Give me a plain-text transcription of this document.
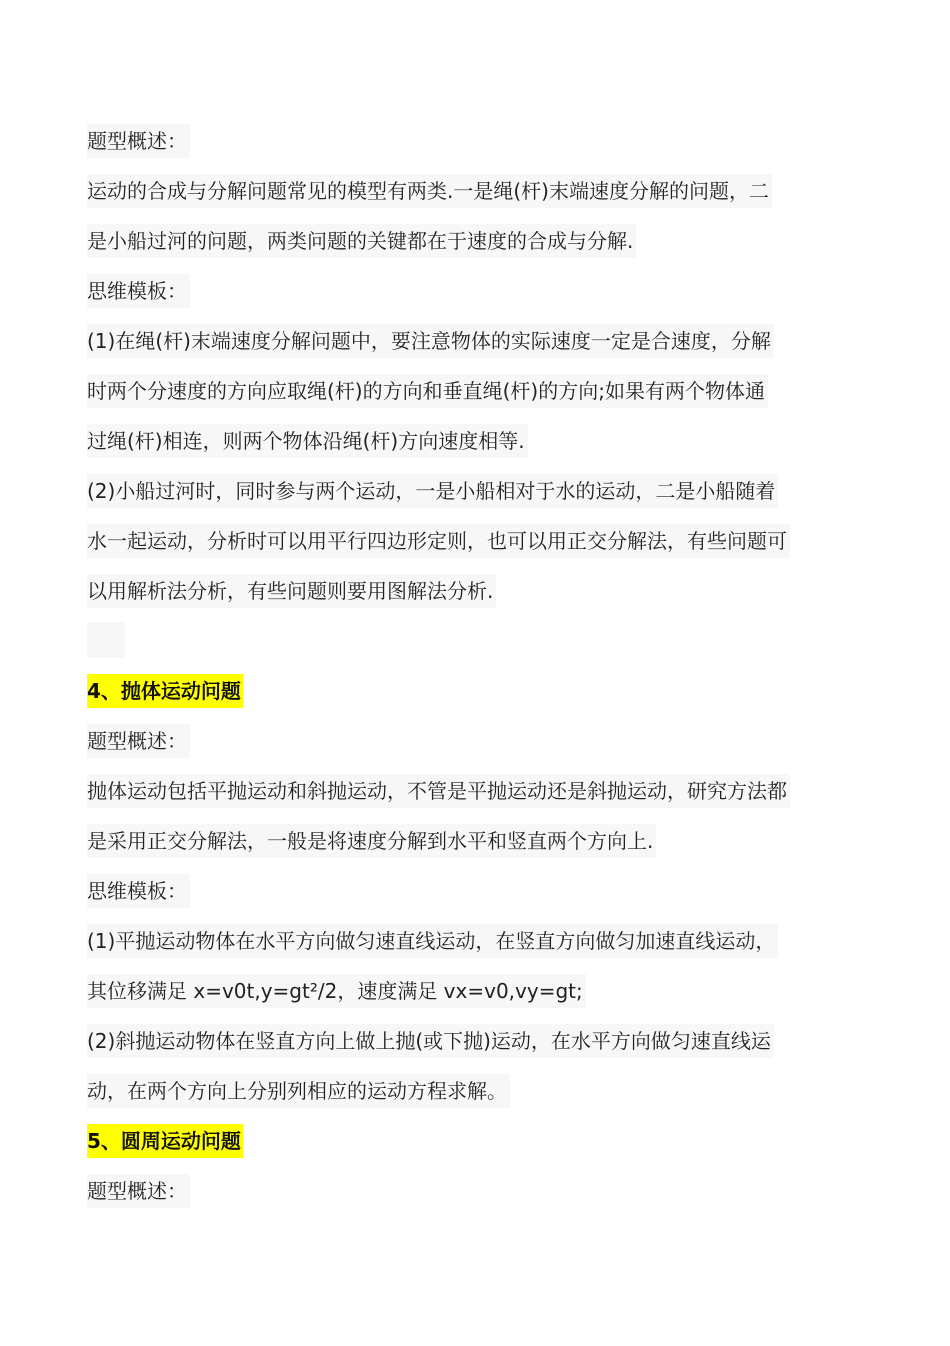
题型概述：
运动的合成与分解问题常见的模型有两类.一是绳(杆)末端速度分解的问题，二
是小船过河的问题，两类问题的关键都在于速度的合成与分解.
思维模板：
(1)在绳(杆)末端速度分解问题中，要注意物体的实际速度一定是合速度，分解
时两个分速度的方向应取绳(杆)的方向和垂直绳(杆)的方向;如果有两个物体通
过绳(杆)相连，则两个物体沿绳(杆)方向速度相等.
(2)小船过河时，同时参与两个运动，一是小船相对于水的运动，二是小船随着
水一起运动，分析时可以用平行四边形定则，也可以用正交分解法，有些问题可
以用解析法分析，有些问题则要用图解法分析.
4、抛体运动问题
题型概述：
抛体运动包括平抛运动和斜抛运动，不管是平抛运动还是斜抛运动，研究方法都
是采用正交分解法，一般是将速度分解到水平和竖直两个方向上.
思维模板：
(1)平抛运动物体在水平方向做匀速直线运动，在竖直方向做匀加速直线运动，
其位移满足 x=v0t,y=gt²/2，速度满足 vx=v0,vy=gt;
(2)斜抛运动物体在竖直方向上做上抛(或下抛)运动，在水平方向做匀速直线运
动，在两个方向上分别列相应的运动方程求解。
5、圆周运动问题
题型概述：
